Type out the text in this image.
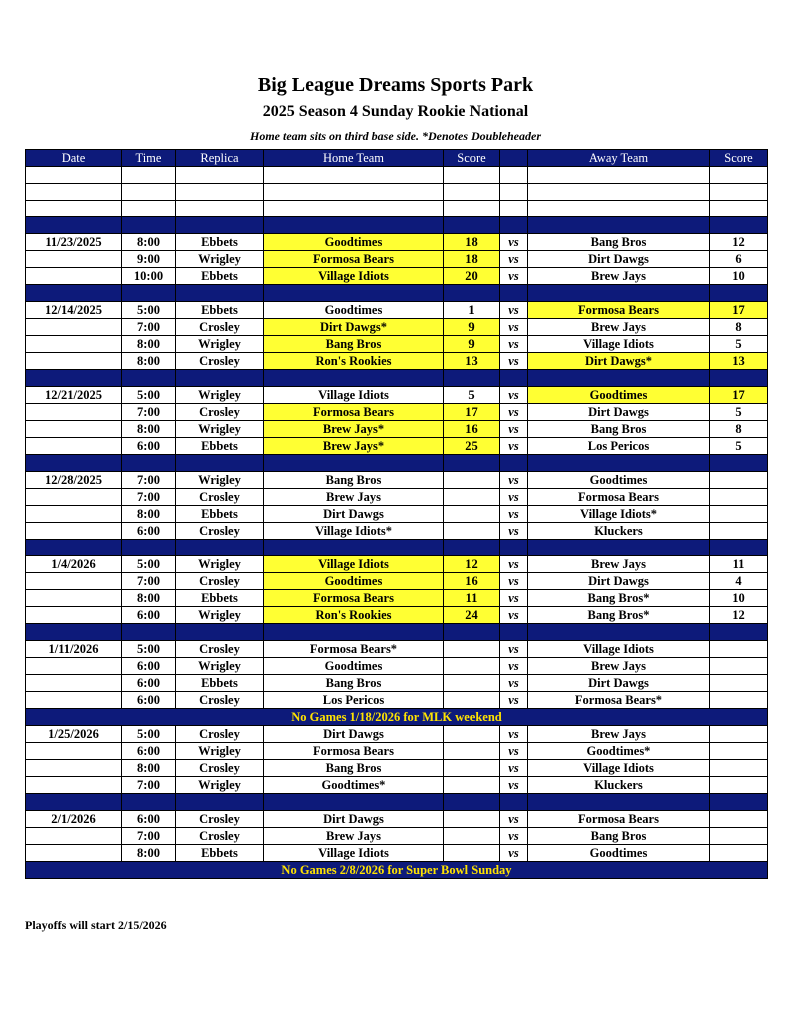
Big League Dreams Sports Park
2025 Season 4 Sunday Rookie National
Home team sits on third base side. *Denotes Doubleheader
Date	Time	Replica	Home Team	Score		Away Team	Score

11/23/2025	8:00	Ebbets	Goodtimes	18	vs	Bang Bros	12
	9:00	Wrigley	Formosa Bears	18	vs	Dirt Dawgs	6
	10:00	Ebbets	Village Idiots	20	vs	Brew Jays	10

12/14/2025	5:00	Ebbets	Goodtimes	1	vs	Formosa Bears	17
	7:00	Crosley	Dirt Dawgs*	9	vs	Brew Jays	8
	8:00	Wrigley	Bang Bros	9	vs	Village Idiots	5
	8:00	Crosley	Ron's Rookies	13	vs	Dirt Dawgs*	13

12/21/2025	5:00	Wrigley	Village Idiots	5	vs	Goodtimes	17
	7:00	Crosley	Formosa Bears	17	vs	Dirt Dawgs	5
	8:00	Wrigley	Brew Jays*	16	vs	Bang Bros	8
	6:00	Ebbets	Brew Jays*	25	vs	Los Pericos	5

12/28/2025	7:00	Wrigley	Bang Bros		vs	Goodtimes	
	7:00	Crosley	Brew Jays		vs	Formosa Bears	
	8:00	Ebbets	Dirt Dawgs		vs	Village Idiots*	
	6:00	Crosley	Village Idiots*		vs	Kluckers	

1/4/2026	5:00	Wrigley	Village Idiots	12	vs	Brew Jays	11
	7:00	Crosley	Goodtimes	16	vs	Dirt Dawgs	4
	8:00	Ebbets	Formosa Bears	11	vs	Bang Bros*	10
	6:00	Wrigley	Ron's Rookies	24	vs	Bang Bros*	12

1/11/2026	5:00	Crosley	Formosa Bears*		vs	Village Idiots	
	6:00	Wrigley	Goodtimes		vs	Brew Jays	
	6:00	Ebbets	Bang Bros		vs	Dirt Dawgs	
	6:00	Crosley	Los Pericos		vs	Formosa Bears*	
No Games 1/18/2026 for MLK weekend							
1/25/2026	5:00	Crosley	Dirt Dawgs		vs	Brew Jays	
	6:00	Wrigley	Formosa Bears		vs	Goodtimes*	
	8:00	Crosley	Bang Bros		vs	Village Idiots	
	7:00	Wrigley	Goodtimes*		vs	Kluckers	

2/1/2026	6:00	Crosley	Dirt Dawgs		vs	Formosa Bears	
	7:00	Crosley	Brew Jays		vs	Bang Bros	
	8:00	Ebbets	Village Idiots		vs	Goodtimes	
No Games 2/8/2026 for Super Bowl Sunday							
Playoffs will start 2/15/2026
